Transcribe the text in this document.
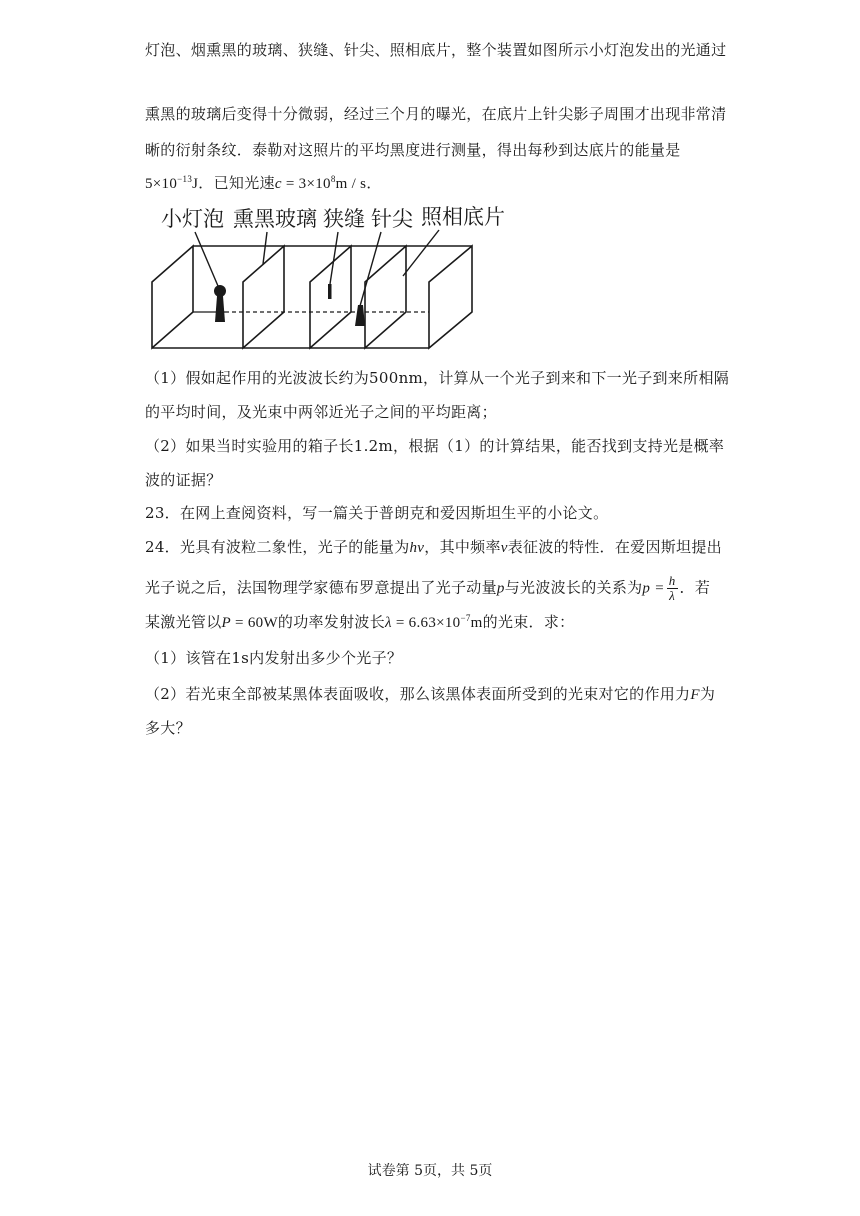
灯泡、烟熏黑的玻璃、狭缝、针尖、照相底片，整个装置如图所示小灯泡发出的光通过
熏黑的玻璃后变得十分微弱，经过三个月的曝光，在底片上针尖影子周围才出现非常清
晰的衍射条纹．泰勒对这照片的平均黑度进行测量，得出每秒到达底片的能量是
$5\times 10^{-13}J$．已知光速$c = 3\times 10^8m / s$．
小灯泡 熏黑玻璃 狭缝 针尖 照相底片
（1）假如起作用的光波波长约为500nm，计算从一个光子到来和下一光子到来所相隔
的平均时间，及光束中两邻近光子之间的平均距离；
（2）如果当时实验用的箱子长1.2m，根据（1）的计算结果，能否找到支持光是概率
波的证据？
23．在网上查阅资料，写一篇关于普朗克和爱因斯坦生平的小论文。
24．光具有波粒二象性，光子的能量为hν，其中频率ν表征波的特性．在爱因斯坦提出
光子说之后，法国物理学家德布罗意提出了光子动量p与光波波长的关系为$p = \frac{h}{\lambda}$ ．若
某激光管以P = 60W的功率发射波长$\lambda = 6.63\times 10^{-7}m$的光束．求：
（1）该管在1s内发射出多少个光子？
（2）若光束全部被某黑体表面吸收，那么该黑体表面所受到的光束对它的作用力F为
多大？
试卷第 5页，共 5页
